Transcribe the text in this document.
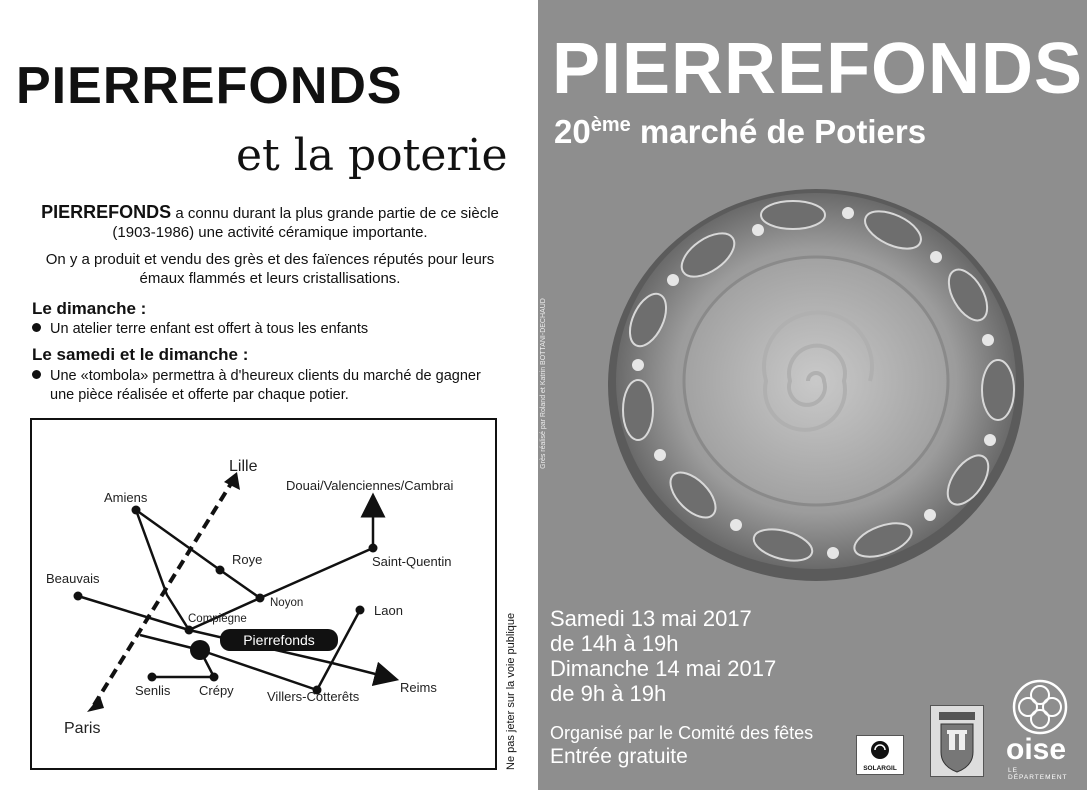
PIERREFONDS
et la poterie

PIERREFONDS a connu durant la plus grande partie de ce siècle
(1903-1986) une activité céramique importante.

On y a produit et vendu des grès et des faïences réputés pour leurs
émaux flammés et leurs cristallisations.

Le dimanche :
Un atelier terre enfant est offert à tous les enfants
Le samedi et le dimanche :
Une «tombola» permettra à d'heureux clients du marché de gagner
une pièce réalisée et offerte par chaque potier.
Lille
Amiens
Douai/Valenciennes/Cambrai
Roye	Saint-Quentin
Beauvais
Noyon	Laon
Compiègne
Pierrefonds
Senlis Crépy	Villers-Cotterêts
Reims
Paris	Ne pas jeter sur la voie publique
PIERREFONDS
20ème marché de Potiers
Grès réalisé par Roland et Katrin BOTTANI-DECHAUD
Samedi 13 mai 2017
de 14h à 19h
Dimanche 14 mai 2017
de 9h à 19h
Organisé par le Comité des fêtes
Entrée gratuite
SOLARGIL
oise
LE DÉPARTEMENT
